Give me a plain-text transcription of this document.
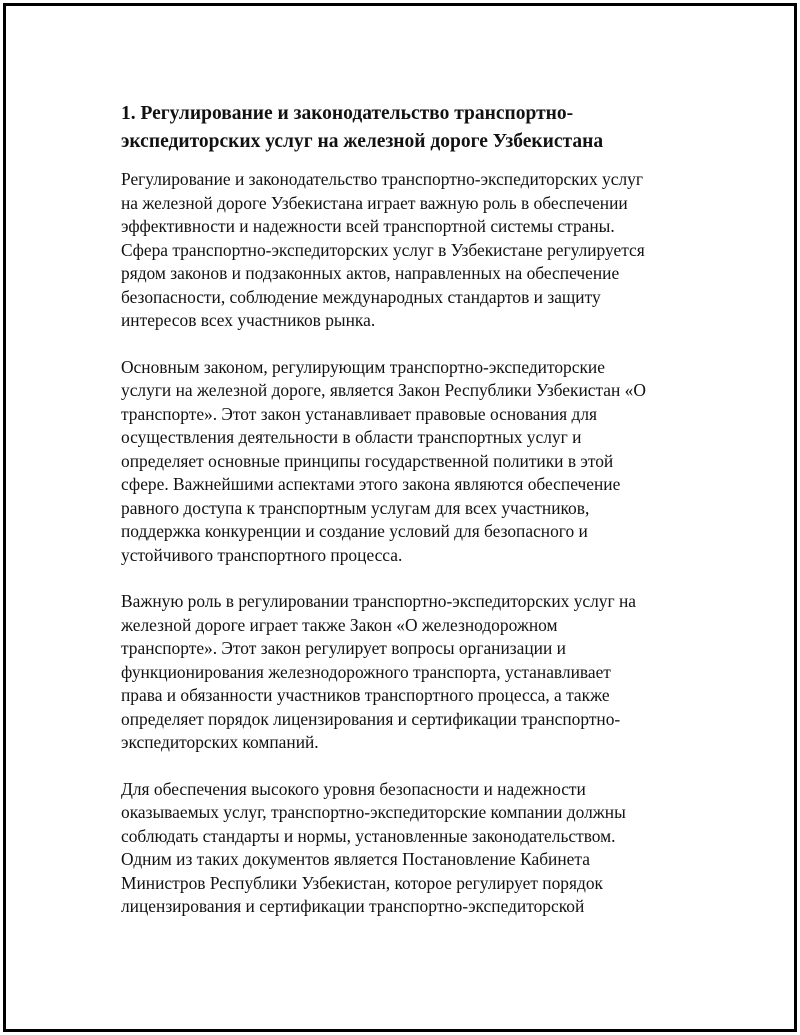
1. Регулирование и законодательство транспортно-
экспедиторских услуг на железной дороге Узбекистана

Регулирование и законодательство транспортно-экспедиторских услуг
на железной дороге Узбекистана играет важную роль в обеспечении
эффективности и надежности всей транспортной системы страны.
Сфера транспортно-экспедиторских услуг в Узбекистане регулируется
рядом законов и подзаконных актов, направленных на обеспечение
безопасности, соблюдение международных стандартов и защиту
интересов всех участников рынка.

Основным законом, регулирующим транспортно-экспедиторские
услуги на железной дороге, является Закон Республики Узбекистан «О
транспорте». Этот закон устанавливает правовые основания для
осуществления деятельности в области транспортных услуг и
определяет основные принципы государственной политики в этой
сфере. Важнейшими аспектами этого закона являются обеспечение
равного доступа к транспортным услугам для всех участников,
поддержка конкуренции и создание условий для безопасного и
устойчивого транспортного процесса.

Важную роль в регулировании транспортно-экспедиторских услуг на
железной дороге играет также Закон «О железнодорожном
транспорте». Этот закон регулирует вопросы организации и
функционирования железнодорожного транспорта, устанавливает
права и обязанности участников транспортного процесса, а также
определяет порядок лицензирования и сертификации транспортно-
экспедиторских компаний.

Для обеспечения высокого уровня безопасности и надежности
оказываемых услуг, транспортно-экспедиторские компании должны
соблюдать стандарты и нормы, установленные законодательством.
Одним из таких документов является Постановление Кабинета
Министров Республики Узбекистан, которое регулирует порядок
лицензирования и сертификации транспортно-экспедиторской
